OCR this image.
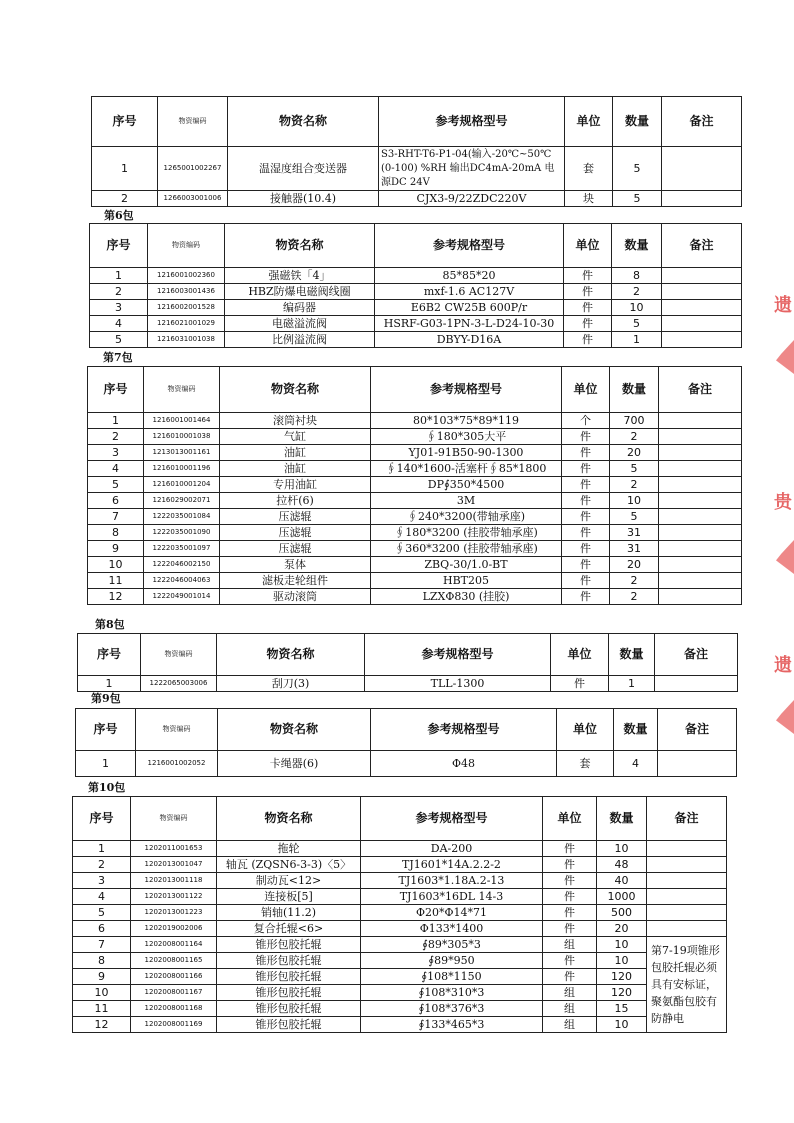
序号	物资编码	物资名称	参考规格型号	单位	数量	备注
1	1265001002267	温湿度组合变送器	S3-RHT-T6-P1-04(输入-20℃~50℃ (0-100) %RH 输出DC4mA-20mA 电源DC 24V	套	5	
2	1266003001006	接触器(10.4)	CJX3-9/22ZDC220V	块	5	
第6包
序号	物资编码	物资名称	参考规格型号	单位	数量	备注
1	1216001002360	强磁铁「4」	85*85*20	件	8	
2	1216003001436	HBZ防爆电磁阀线圈	mxf-1.6 AC127V	件	2	
3	1216002001528	编码器	E6B2 CW25B 600P/r	件	10	
4	1216021001029	电磁溢流阀	HSRF-G03-1PN-3-L-D24-10-30	件	5	
5	1216031001038	比例溢流阀	DBYY-D16A	件	1	
第7包
序号	物资编码	物资名称	参考规格型号	单位	数量	备注
1	1216001001464	滚筒衬块	80*103*75*89*119	个	700	
2	1216010001038	气缸	∮180*305大平	件	2	
3	1213013001161	油缸	YJ01-91B50-90-1300	件	20	
4	1216010001196	油缸	∮140*1600-活塞杆∮85*1800	件	5	
5	1216010001204	专用油缸	DP∮350*4500	件	2	
6	1216029002071	拉杆(6)	3M	件	10	
7	1222035001084	压滤辊	∮240*3200(带轴承座)	件	5	
8	1222035001090	压滤辊	∮180*3200 (挂胶带轴承座)	件	31	
9	1222035001097	压滤辊	∮360*3200 (挂胶带轴承座)	件	31	
10	1222046002150	泵体	ZBQ-30/1.0-BT	件	20	
11	1222046004063	滤板走轮组件	HBT205	件	2	
12	1222049001014	驱动滚筒	LZXΦ830 (挂胶)	件	2	
第8包
序号	物资编码	物资名称	参考规格型号	单位	数量	备注
1	1222065003006	刮刀(3)	TLL-1300	件	1	
第9包
序号	物资编码	物资名称	参考规格型号	单位	数量	备注
1	1216001002052	卡绳器(6)	Φ48	套	4	
第10包
序号	物资编码	物资名称	参考规格型号	单位	数量	备注
1	1202011001653	拖轮	DA-200	件	10	
2	1202013001047	轴瓦 (ZQSN6-3-3)〈5〉	TJ1601*14A.2.2-2	件	48	
3	1202013001118	制动瓦<12>	TJ1603*1.18A.2-13	件	40	
4	1202013001122	连接板[5]	TJ1603*16DL 14-3	件	1000	
5	1202013001223	销轴(11.2)	Φ20*Φ14*71	件	500	
6	1202019002006	复合托辊<6>	Φ133*1400	件	20	
7	1202008001164	锥形包胶托辊	∮89*305*3	组	10	第7-19项锥形包胶托辊必须具有安标证，聚氨酯包胶有防静电
8	1202008001165	锥形包胶托辊	∮89*950	件	10	
9	1202008001166	锥形包胶托辊	∮108*1150	件	120	
10	1202008001167	锥形包胶托辊	∮108*310*3	组	120	
11	1202008001168	锥形包胶托辊	∮108*376*3	组	15	
12	1202008001169	锥形包胶托辊	∮133*465*3	组	10	
遗
贵
遗
